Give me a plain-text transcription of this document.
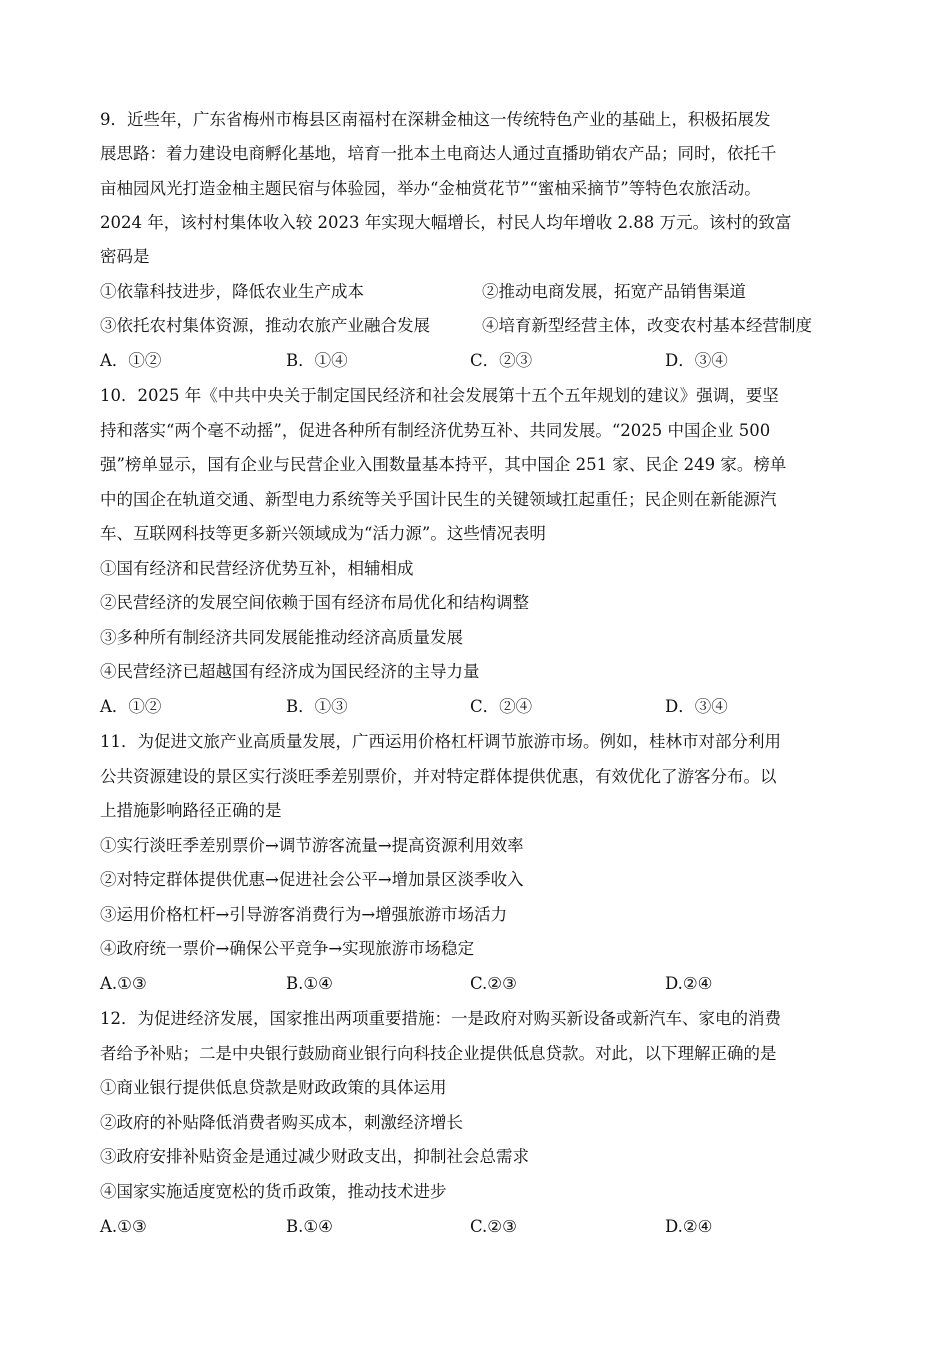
9．近些年，广东省梅州市梅县区南福村在深耕金柚这一传统特色产业的基础上，积极拓展发
展思路：着力建设电商孵化基地，培育一批本土电商达人通过直播助销农产品；同时，依托千
亩柚园风光打造金柚主题民宿与体验园，举办“金柚赏花节”“蜜柚采摘节”等特色农旅活动。
2024 年，该村村集体收入较 2023 年实现大幅增长，村民人均年增收 2.88 万元。该村的致富
密码是
①依靠科技进步，降低农业生产成本	②推动电商发展，拓宽产品销售渠道
③依托农村集体资源，推动农旅产业融合发展	④培育新型经营主体，改变农村基本经营制度
A．①②	B．①④	C．②③	D．③④
10．2025 年《中共中央关于制定国民经济和社会发展第十五个五年规划的建议》强调，要坚
持和落实“两个毫不动摇”，促进各种所有制经济优势互补、共同发展。“2025 中国企业 500
强”榜单显示，国有企业与民营企业入围数量基本持平，其中国企 251 家、民企 249 家。榜单
中的国企在轨道交通、新型电力系统等关乎国计民生的关键领域扛起重任；民企则在新能源汽
车、互联网科技等更多新兴领域成为“活力源”。这些情况表明
①国有经济和民营经济优势互补，相辅相成
②民营经济的发展空间依赖于国有经济布局优化和结构调整
③多种所有制经济共同发展能推动经济高质量发展
④民营经济已超越国有经济成为国民经济的主导力量
A．①②	B．①③	C．②④	D．③④
11．为促进文旅产业高质量发展，广西运用价格杠杆调节旅游市场。例如，桂林市对部分利用
公共资源建设的景区实行淡旺季差别票价，并对特定群体提供优惠，有效优化了游客分布。以
上措施影响路径正确的是
①实行淡旺季差别票价→调节游客流量→提高资源利用效率
②对特定群体提供优惠→促进社会公平→增加景区淡季收入
③运用价格杠杆→引导游客消费行为→增强旅游市场活力
④政府统一票价→确保公平竞争→实现旅游市场稳定
A.①③	B.①④	C.②③	D.②④
12．为促进经济发展，国家推出两项重要措施：一是政府对购买新设备或新汽车、家电的消费
者给予补贴；二是中央银行鼓励商业银行向科技企业提供低息贷款。对此，以下理解正确的是
①商业银行提供低息贷款是财政政策的具体运用
②政府的补贴降低消费者购买成本，刺激经济增长
③政府安排补贴资金是通过减少财政支出，抑制社会总需求
④国家实施适度宽松的货币政策，推动技术进步
A.①③	B.①④	C.②③	D.②④
